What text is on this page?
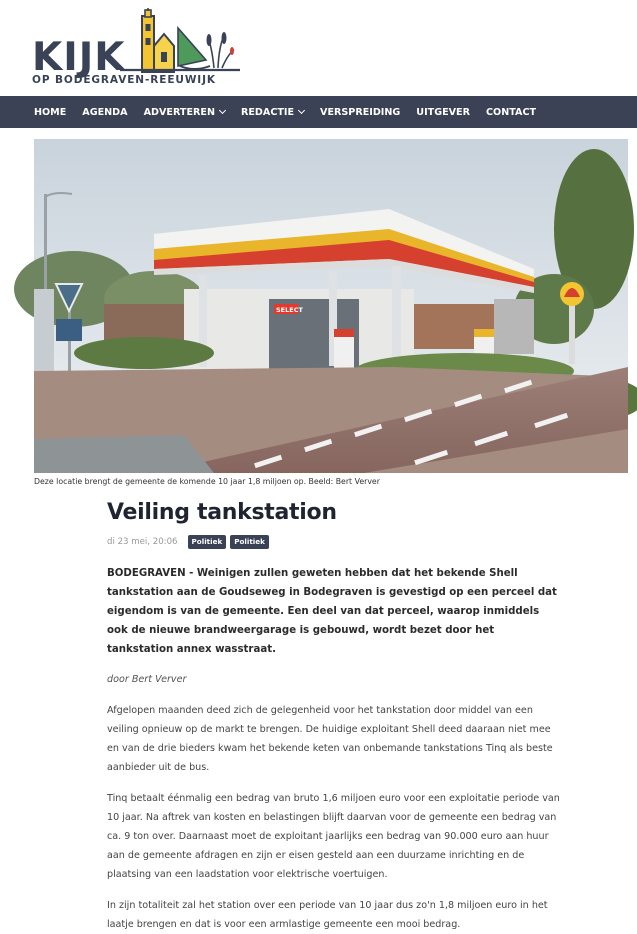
KIJK
OP BODEGRAVEN-REEUWIJK
HOME AGENDA ADVERTEREN	REDACTIE	VERSPREIDING UITGEVER CONTACT
SELECT
Deze locatie brengt de gemeente de komende 10 jaar 1,8 miljoen op. Beeld: Bert Verver
Veiling tankstation
di 23 mei, 20:06	Politiek	Politiek

BODEGRAVEN - Weinigen zullen geweten hebben dat het bekende Shell tankstation aan de Goudseweg in Bodegraven is gevestigd op een perceel dat eigendom is van de gemeente. Een deel van dat perceel, waarop inmiddels ook de nieuwe brandweergarage is gebouwd, wordt bezet door het tankstation annex wasstraat.

door Bert Verver

Afgelopen maanden deed zich de gelegenheid voor het tankstation door middel van een veiling opnieuw op de markt te brengen. De huidige exploitant Shell deed daaraan niet mee en van de drie bieders kwam het bekende keten van onbemande tankstations Tinq als beste aanbieder uit de bus.

Tinq betaalt éénmalig een bedrag van bruto 1,6 miljoen euro voor een exploitatie periode van 10 jaar. Na aftrek van kosten en belastingen blijft daarvan voor de gemeente een bedrag van ca. 9 ton over. Daarnaast moet de exploitant jaarlijks een bedrag van 90.000 euro aan huur aan de gemeente afdragen en zijn er eisen gesteld aan een duurzame inrichting en de plaatsing van een laadstation voor elektrische voertuigen.

In zijn totaliteit zal het station over een periode van 10 jaar dus zo'n 1,8 miljoen euro in het laatje brengen en dat is voor een armlastige gemeente een mooi bedrag.
